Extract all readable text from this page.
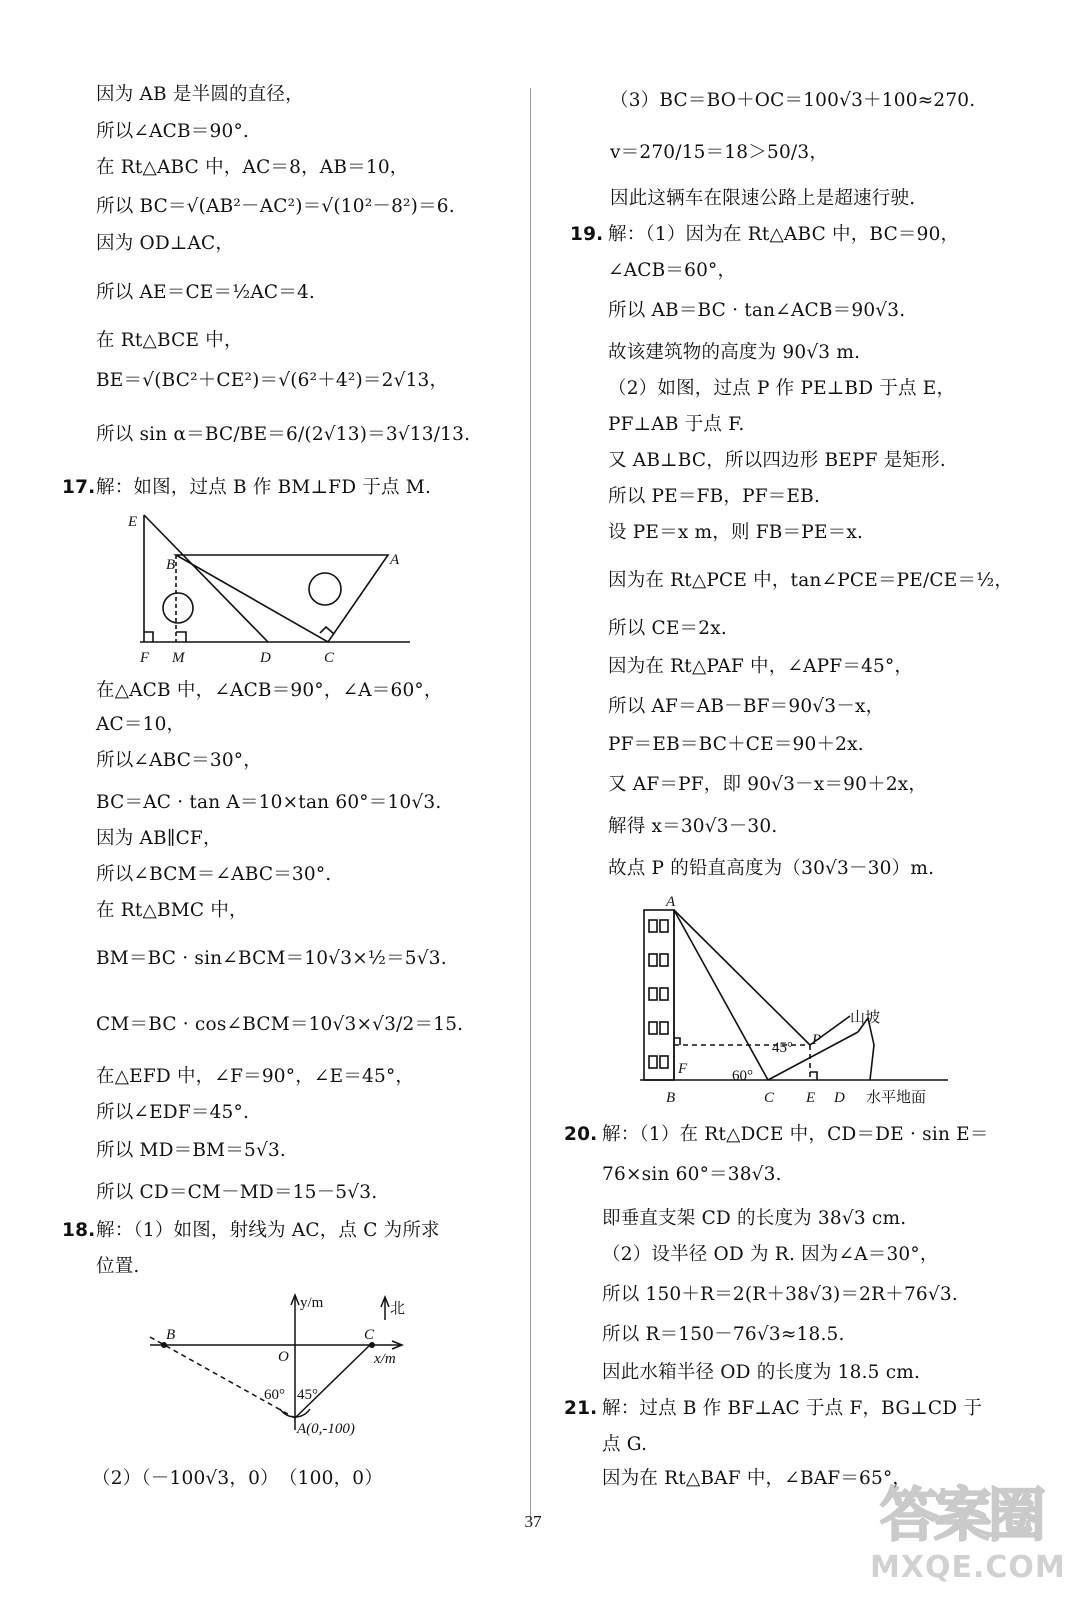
因为 AB 是半圆的直径，
所以∠ACB＝90°.
在 Rt△ABC 中，AC＝8，AB＝10，
所以 BC＝√(AB²－AC²)＝√(10²－8²)＝6.
因为 OD⊥AC，
所以 AE＝CE＝½AC＝4.
在 Rt△BCE 中，
BE＝√(BC²＋CE²)＝√(6²＋4²)＝2√13，
所以 sin α＝BC/BE＝6/(2√13)＝3√13/13.
17. 解：如图，过点 B 作 BM⊥FD 于点 M.
E
B	A
F M	D	C
在△ACB 中，∠ACB＝90°，∠A＝60°，
AC＝10，
所以∠ABC＝30°，
BC＝AC · tan A＝10×tan 60°＝10√3.
因为 AB∥CF，
所以∠BCM＝∠ABC＝30°.
在 Rt△BMC 中，
BM＝BC · sin∠BCM＝10√3×½＝5√3.
CM＝BC · cos∠BCM＝10√3×√3/2＝15.
在△EFD 中，∠F＝90°，∠E＝45°，
所以∠EDF＝45°.
所以 MD＝BM＝5√3.
所以 CD＝CM－MD＝15－5√3.
18. 解：（1）如图，射线为 AC，点 C 为所求
位置.
y/m	北
B
O
C
x/m
60° 45°
A(0,-100)
（2）（－100√3，0）　（100，0）
（3）BC＝BO＋OC＝100√3＋100≈270.
v＝270/15＝18＞50/3，
因此这辆车在限速公路上是超速行驶.
19. 解：（1）因为在 Rt△ABC 中，BC＝90，
∠ACB＝60°，
所以 AB＝BC · tan∠ACB＝90√3.
故该建筑物的高度为 90√3 m.
（2）如图，过点 P 作 PE⊥BD 于点 E，
PF⊥AB 于点 F.
又 AB⊥BC，所以四边形 BEPF 是矩形.
所以 PE＝FB，PF＝EB.
设 PE＝x m，则 FB＝PE＝x.
因为在 Rt△PCE 中，tan∠PCE＝PE/CE＝½，
所以 CE＝2x.
因为在 Rt△PAF 中，∠APF＝45°，
所以 AF＝AB－BF＝90√3－x，
PF＝EB＝BC＋CE＝90＋2x.
又 AF＝PF，即 90√3－x＝90＋2x，
解得 x＝30√3－30.
故点 P 的铅直高度为（30√3－30）m.
A
山坡
45° P
F	60°
B	C E D 水平地面
20. 解：（1）在 Rt△DCE 中，CD＝DE · sin E＝
76×sin 60°＝38√3.
即垂直支架 CD 的长度为 38√3 cm.
（2）设半径 OD 为 R. 因为∠A＝30°，
所以 150＋R＝2(R＋38√3)＝2R＋76√3.
所以 R＝150－76√3≈18.5.
因此水箱半径 OD 的长度为 18.5 cm.
21. 解：过点 B 作 BF⊥AC 于点 F，BG⊥CD 于
点 G.
因为在 Rt△BAF 中，∠BAF＝65°，
37	答案圈
MXQE.COM
